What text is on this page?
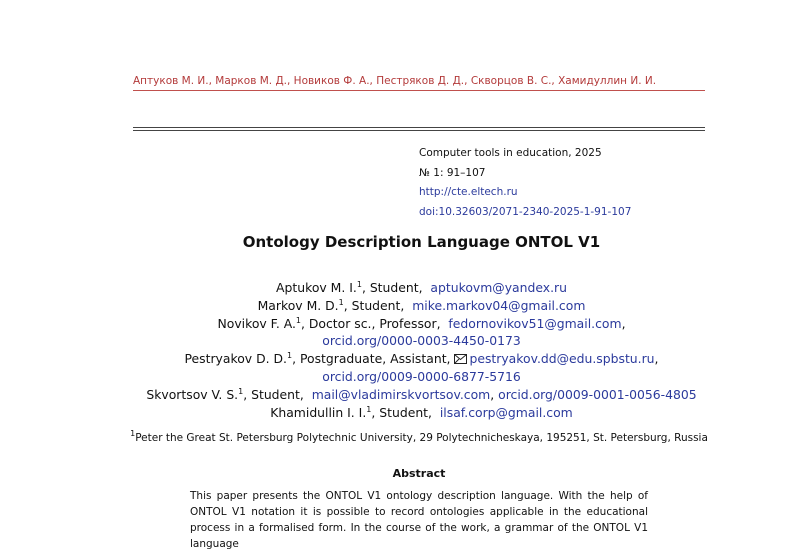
Аптуков М. И., Марков М. Д., Новиков Ф. А., Пестряков Д. Д., Скворцов В. С., Хамидуллин И. И.
Computer tools in education, 2025
№ 1: 91–107
http://cte.eltech.ru
doi:10.32603/2071-2340-2025-1-91-107
Ontology Description Language ONTOL V1
Aptukov M. I.$^1$, Student, aptukovm@yandex.ru
Markov M. D.$^1$, Student, mike.markov04@gmail.com
Novikov F. A.$^1$, Doctor sc., Professor, fedornovikov51@gmail.com,
orcid.org/0000-0003-4450-0173
Pestryakov D. D.$^1$, Postgraduate, Assistant, pestryakov.dd@edu.spbstu.ru,
orcid.org/0009-0000-6877-5716
Skvortsov V. S.$^1$, Student, mail@vladimirskvortsov.com, orcid.org/0009-0001-0056-4805
Khamidullin I. I.$^1$, Student, ilsaf.corp@gmail.com
$^1$Peter the Great St. Petersburg Polytechnic University, 29 Polytechnicheskaya, 195251, St. Petersburg, Russia
Abstract
This paper presents the ONTOL V1 ontology description language. With the help of ONTOL V1 notation it is possible to record ontologies applicable in the educational process in a formalised form. In the course of the work, a grammar of the ONTOL V1 language
